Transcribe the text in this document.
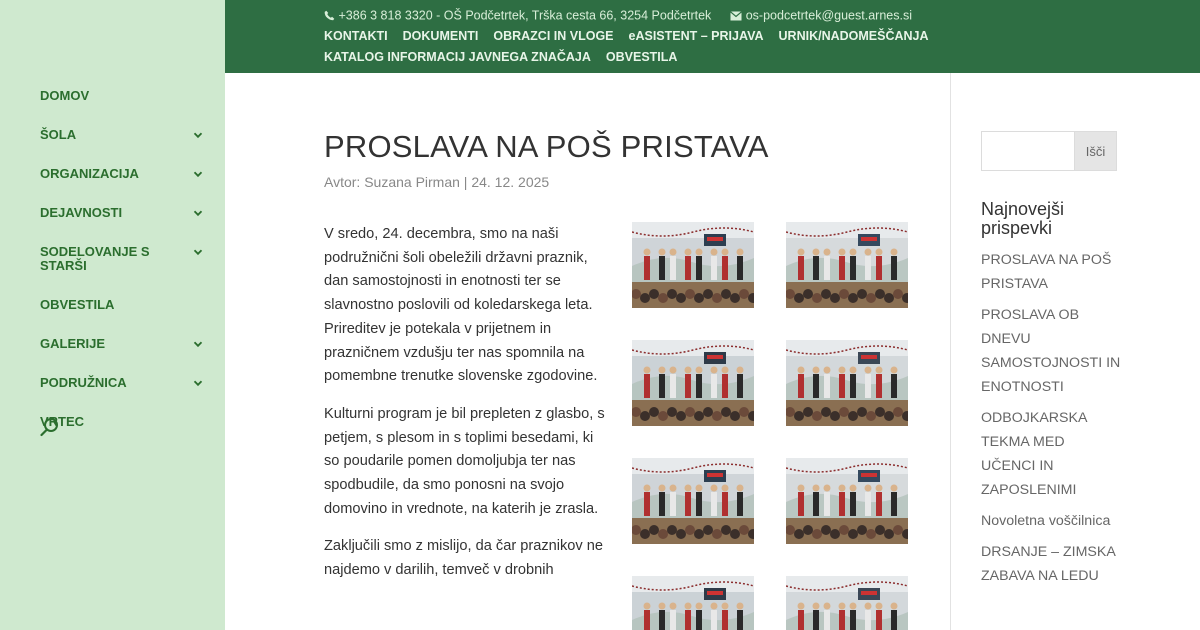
DOMOV
ŠOLA
ORGANIZACIJA
DEJAVNOSTI
SODELOVANJE S STARŠI
OBVESTILA
GALERIJE
PODRUŽNICA
VRTEC
+386 3 818 3320 - OŠ Podčetrtek, Trška cesta 66, 3254 Podčetrtek	os-podcetrtek@guest.arnes.si
KONTAKTI DOKUMENTI OBRAZCI IN VLOGE eASISTENT – PRIJAVA URNIK/NADOMEŠČANJA
KATALOG INFORMACIJ JAVNEGA ZNAČAJA OBVESTILA
PROSLAVA NA POŠ PRISTAVA
Avtor: Suzana Pirman | 24. 12. 2025

V sredo, 24. decembra, smo na naši podružnični šoli obeležili državni praznik, dan samostojnosti in enotnosti ter se slavnostno poslovili od koledarskega leta. Prireditev je potekala v prijetnem in prazničnem vzdušju ter nas spomnila na pomembne trenutke slovenske zgodovine.

Kulturni program je bil prepleten z glasbo, s petjem, s plesom in s toplimi besedami, ki so poudarile pomen domoljubja ter nas spodbudile, da smo ponosni na svojo domovino in vrednote, na katerih je zrasla.

Zaključili smo z mislijo, da čar praznikov ne najdemo v darilih, temveč v drobnih

Išči
Najnovejši prispevki
PROSLAVA NA POŠ PRISTAVA
PROSLAVA OB DNEVU SAMOSTOJNOSTI IN ENOTNOSTI
ODBOJKARSKA TEKMA MED UČENCI IN ZAPOSLENIMI
Novoletna voščilnica
DRSANJE – ZIMSKA ZABAVA NA LEDU
